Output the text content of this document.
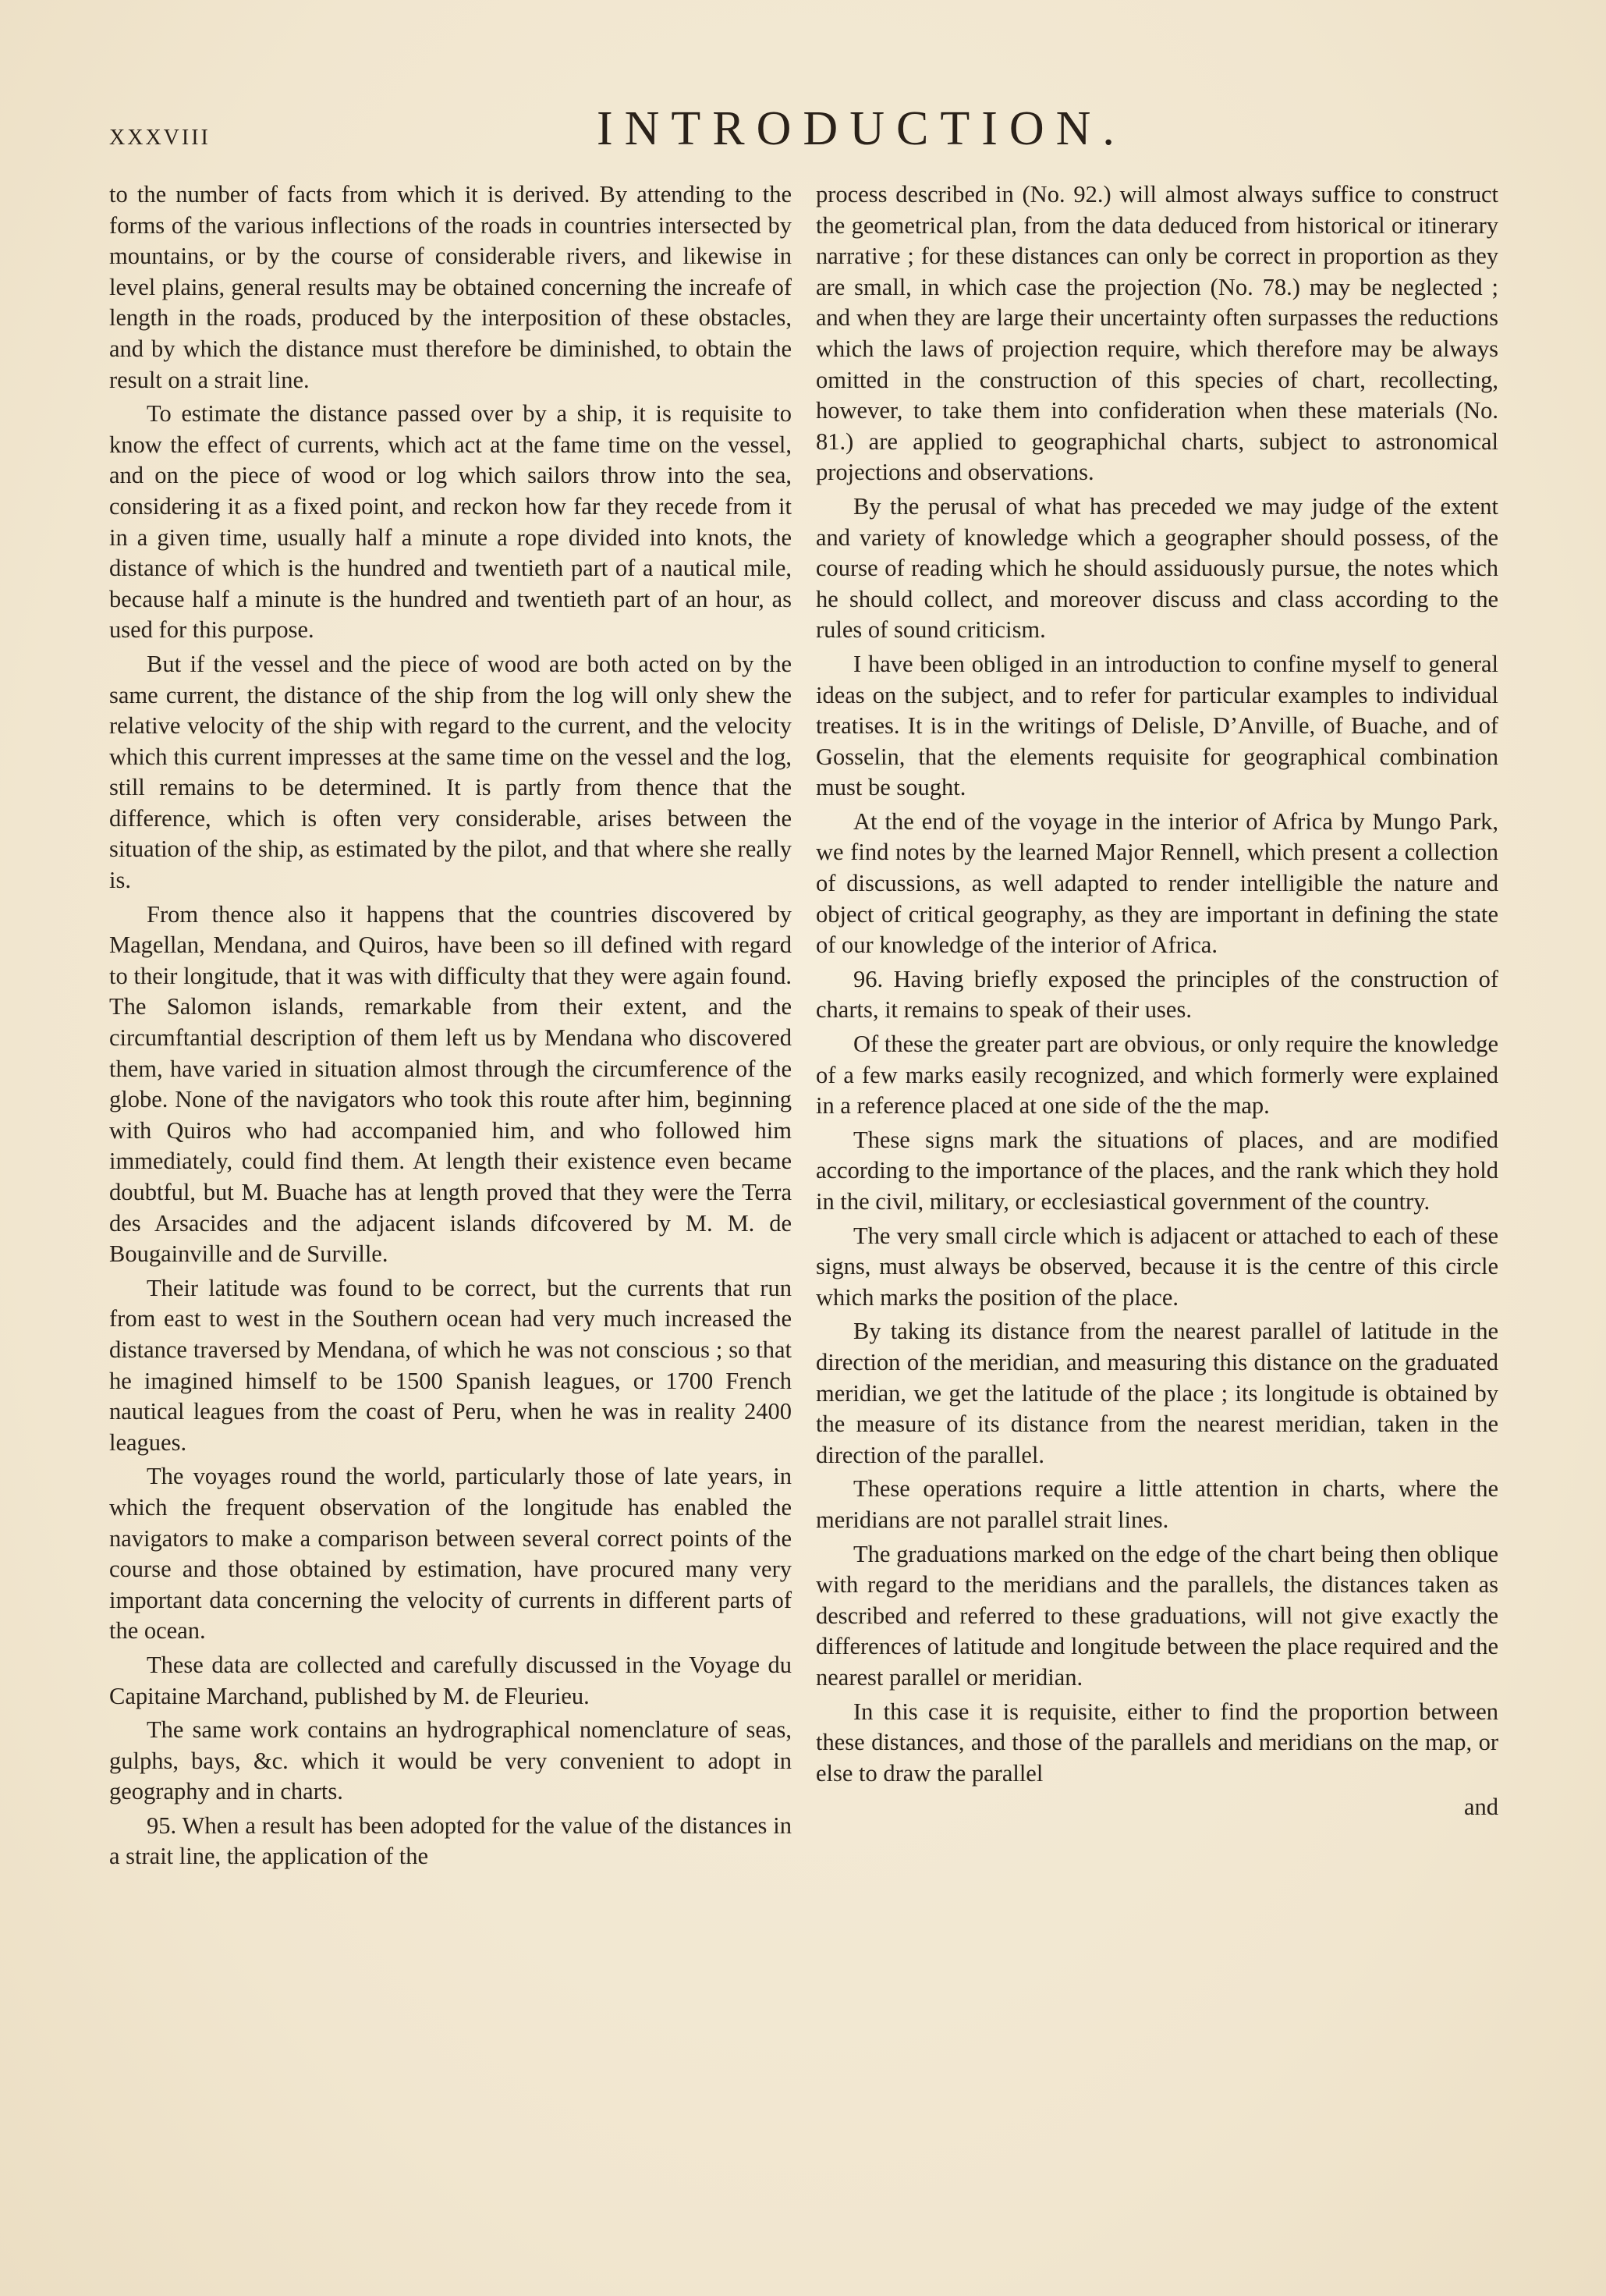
xxxviii	INTRODUCTION.

to the number of facts from which it is derived. By attending to the forms of the various inflections of the roads in countries intersected by mountains, or by the course of considerable rivers, and likewise in level plains, general results may be obtained concerning the increafe of length in the roads, produced by the interposition of these obstacles, and by which the distance must therefore be diminished, to obtain the result on a strait line.

To estimate the distance passed over by a ship, it is requisite to know the effect of currents, which act at the fame time on the vessel, and on the piece of wood or log which sailors throw into the sea, considering it as a fixed point, and reckon how far they recede from it in a given time, usually half a minute a rope divided into knots, the distance of which is the hundred and twentieth part of a nautical mile, because half a minute is the hundred and twentieth part of an hour, as used for this purpose.

But if the vessel and the piece of wood are both acted on by the same current, the distance of the ship from the log will only shew the relative velocity of the ship with regard to the current, and the velocity which this current impresses at the same time on the vessel and the log, still remains to be determined. It is partly from thence that the difference, which is often very considerable, arises between the situation of the ship, as estimated by the pilot, and that where she really is.

From thence also it happens that the countries discovered by Magellan, Mendana, and Quiros, have been so ill defined with regard to their longitude, that it was with difficulty that they were again found. The Salomon islands, remarkable from their extent, and the circumftantial description of them left us by Mendana who discovered them, have varied in situation almost through the circumference of the globe. None of the navigators who took this route after him, beginning with Quiros who had accompanied him, and who followed him immediately, could find them. At length their existence even became doubtful, but M. Buache has at length proved that they were the Terra des Arsacides and the adjacent islands difcovered by M. M. de Bougainville and de Surville.

Their latitude was found to be correct, but the currents that run from east to west in the Southern ocean had very much increased the distance traversed by Mendana, of which he was not conscious ; so that he imagined himself to be 1500 Spanish leagues, or 1700 French nautical leagues from the coast of Peru, when he was in reality 2400 leagues.

The voyages round the world, particularly those of late years, in which the frequent observation of the longitude has enabled the navigators to make a comparison between several correct points of the course and those obtained by estimation, have procured many very important data concerning the velocity of currents in different parts of the ocean.

These data are collected and carefully discussed in the Voyage du Capitaine Marchand, published by M. de Fleurieu.

The same work contains an hydrographical nomenclature of seas, gulphs, bays, &c. which it would be very convenient to adopt in geography and in charts.

95. When a result has been adopted for the value of the distances in a strait line, the application of the

process described in (No. 92.) will almost always suffice to construct the geometrical plan, from the data deduced from historical or itinerary narrative ; for these distances can only be correct in proportion as they are small, in which case the projection (No. 78.) may be neglected ; and when they are large their uncertainty often surpasses the reductions which the laws of projection require, which therefore may be always omitted in the construction of this species of chart, recollecting, however, to take them into confideration when these materials (No. 81.) are applied to geographichal charts, subject to astronomical projections and observations.

By the perusal of what has preceded we may judge of the extent and variety of knowledge which a geographer should possess, of the course of reading which he should assiduously pursue, the notes which he should collect, and moreover discuss and class according to the rules of sound criticism.

I have been obliged in an introduction to confine myself to general ideas on the subject, and to refer for particular examples to individual treatises. It is in the writings of Delisle, D’Anville, of Buache, and of Gosselin, that the elements requisite for geographical combination must be sought.

At the end of the voyage in the interior of Africa by Mungo Park, we find notes by the learned Major Rennell, which present a collection of discussions, as well adapted to render intelligible the nature and object of critical geography, as they are important in defining the state of our knowledge of the interior of Africa.

96. Having briefly exposed the principles of the construction of charts, it remains to speak of their uses.

Of these the greater part are obvious, or only require the knowledge of a few marks easily recognized, and which formerly were explained in a reference placed at one side of the the map.

These signs mark the situations of places, and are modified according to the importance of the places, and the rank which they hold in the civil, military, or ecclesiastical government of the country.

The very small circle which is adjacent or attached to each of these signs, must always be observed, because it is the centre of this circle which marks the position of the place.

By taking its distance from the nearest parallel of latitude in the direction of the meridian, and measuring this distance on the graduated meridian, we get the latitude of the place ; its longitude is obtained by the measure of its distance from the nearest meridian, taken in the direction of the parallel.

These operations require a little attention in charts, where the meridians are not parallel strait lines.

The graduations marked on the edge of the chart being then oblique with regard to the meridians and the parallels, the distances taken as described and referred to these graduations, will not give exactly the differences of latitude and longitude between the place required and the nearest parallel or meridian.

In this case it is requisite, either to find the proportion between these distances, and those of the parallels and meridians on the map, or else to draw the parallel

and
